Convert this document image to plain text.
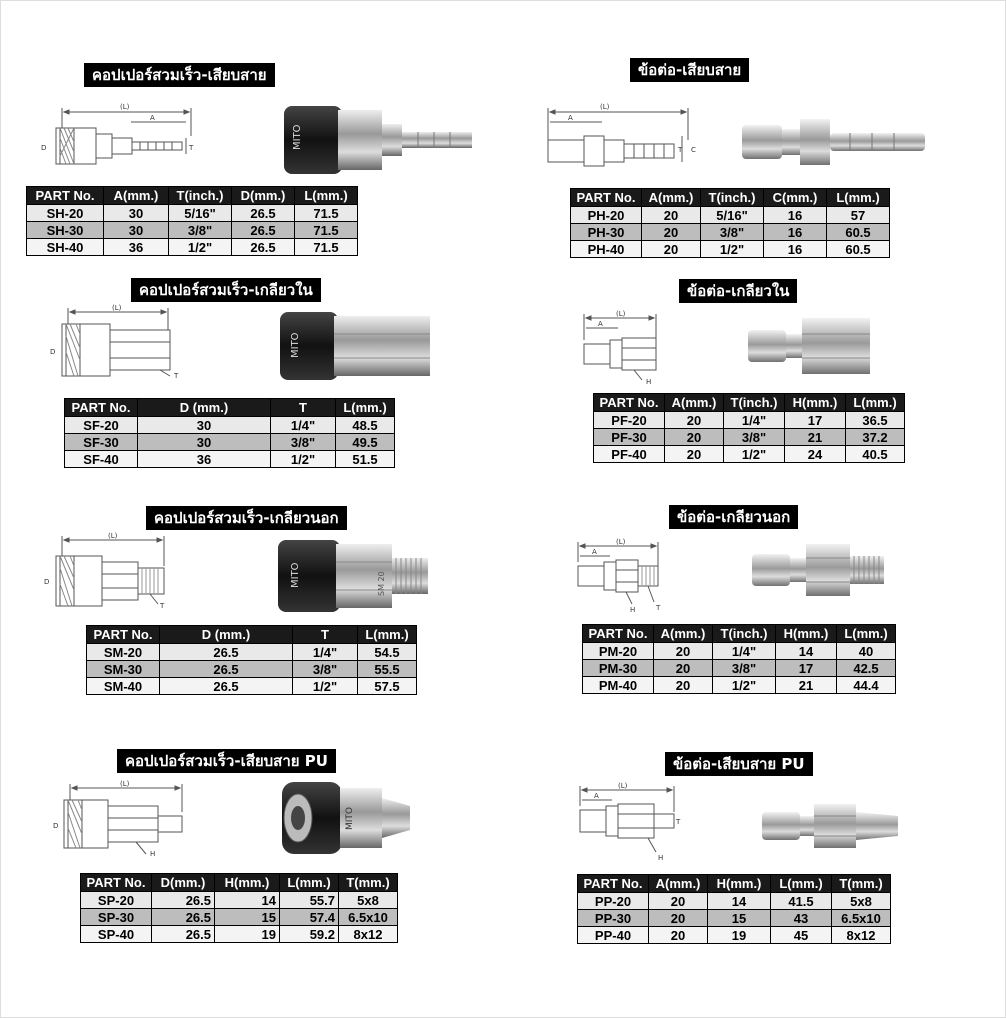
คอปเปอร์สวมเร็ว-เสียบสาย
(L)
A
D	T	MITO
PART No.	A(mm.)	T(inch.)	D(mm.)	L(mm.)
SH-20	30	5/16"	26.5	71.5
SH-30	30	3/8"	26.5	71.5
SH-40	36	1/2"	26.5	71.5
ข้อต่อ-เสียบสาย
(L)
A
T C
PART No.	A(mm.)	T(inch.)	C(mm.)	L(mm.)
PH-20	20	5/16"	16	57
PH-30	20	3/8"	16	60.5
PH-40	20	1/2"	16	60.5
คอปเปอร์สวมเร็ว-เกลียวใน
(L)
D
T
MITO
PART No.	D (mm.)	T	L(mm.)
SF-20	30	1/4"	48.5
SF-30	30	3/8"	49.5
SF-40	36	1/2"	51.5
ข้อต่อ-เกลียวใน
(L)
A
H
PART No.	A(mm.)	T(inch.)	H(mm.)	L(mm.)
PF-20	20	1/4"	17	36.5
PF-30	20	3/8"	21	37.2
PF-40	20	1/2"	24	40.5
คอปเปอร์สวมเร็ว-เกลียวนอก
(L)
D
T
MITO	SM 20
PART No.	D (mm.)	T	L(mm.)
SM-20	26.5	1/4"	54.5
SM-30	26.5	3/8"	55.5
SM-40	26.5	1/2"	57.5
ข้อต่อ-เกลียวนอก
(L)
A
H	T
PART No.	A(mm.)	T(inch.)	H(mm.)	L(mm.)
PM-20	20	1/4"	14	40
PM-30	20	3/8"	17	42.5
PM-40	20	1/2"	21	44.4
คอปเปอร์สวมเร็ว-เสียบสาย PU
(L)
D
H
MITO
PART No.	D(mm.)	H(mm.)	L(mm.)	T(mm.)
SP-20	26.5	14	55.7	5x8
SP-30	26.5	15	57.4	6.5x10
SP-40	26.5	19	59.2	8x12
ข้อต่อ-เสียบสาย PU
(L)
A
H
T
PART No.	A(mm.)	H(mm.)	L(mm.)	T(mm.)
PP-20	20	14	41.5	5x8
PP-30	20	15	43	6.5x10
PP-40	20	19	45	8x12
